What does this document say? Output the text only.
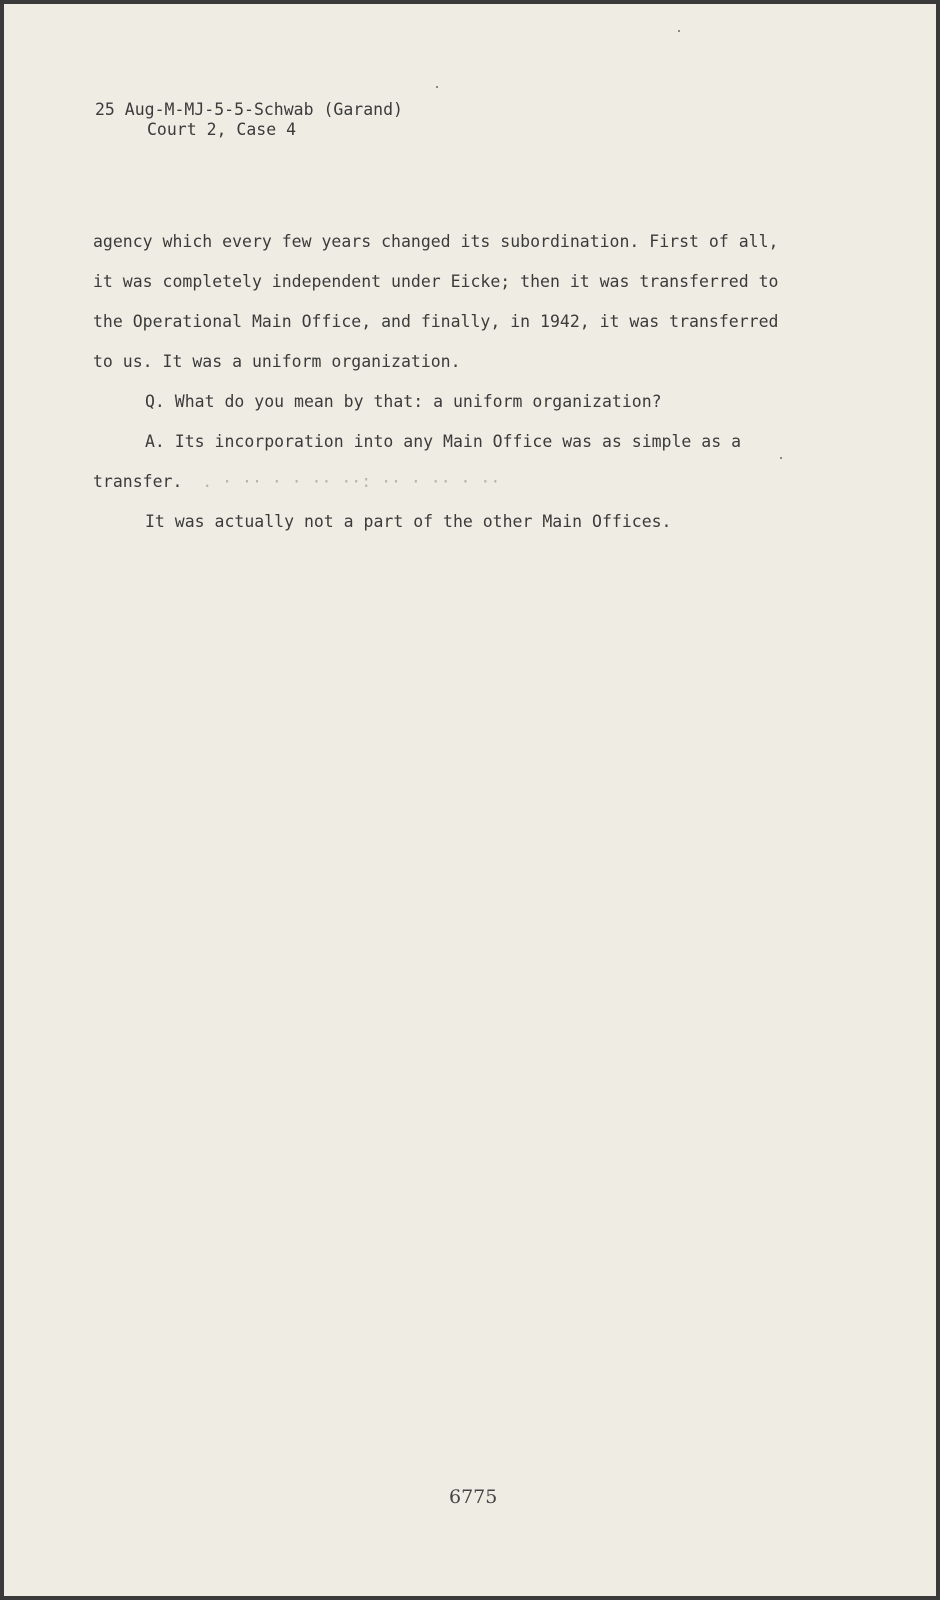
25 Aug-M-MJ-5-5-Schwab (Garand)
Court 2, Case 4

agency which every few years changed its subordination. First of all,

it was completely independent under Eicke; then it was transferred to

the Operational Main Office, and finally, in 1942, it was transferred

to us. It was a uniform organization.

Q. What do you mean by that: a uniform organization?

A. Its incorporation into any Main Office was as simple as a

transfer. . · ·· · · ·· ··: ·· · ·· · ··

It was actually not a part of the other Main Offices.

6775
